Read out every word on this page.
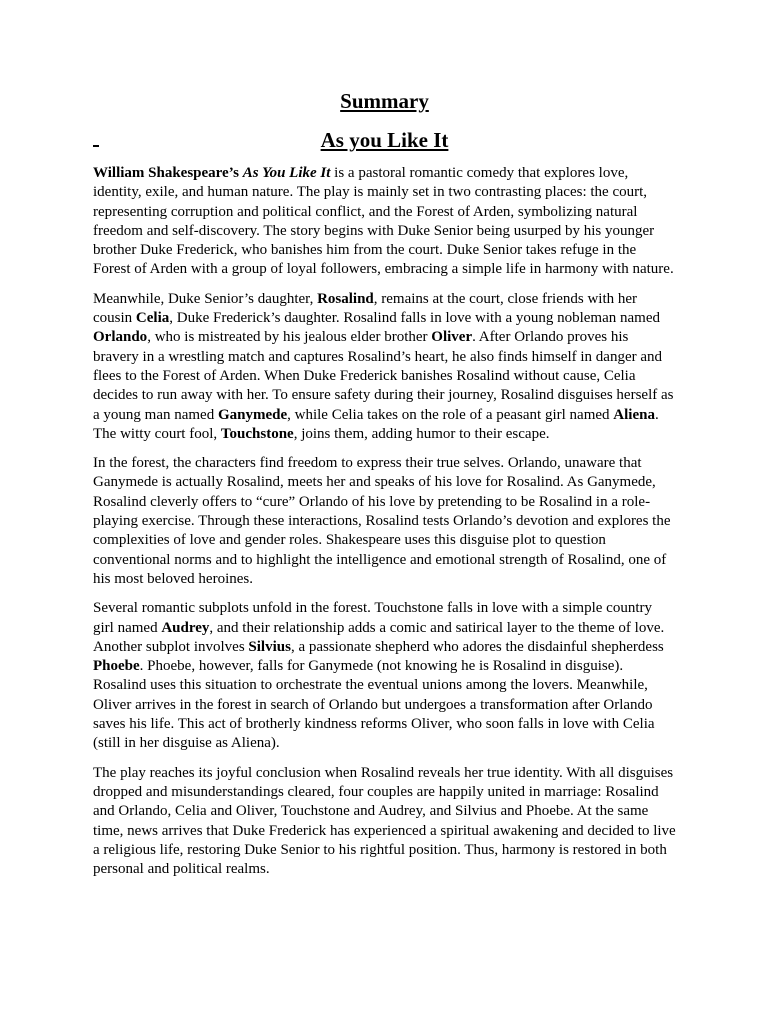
Summary
As you Like It

William Shakespeare’s As You Like It is a pastoral romantic comedy that explores love, identity, exile, and human nature. The play is mainly set in two contrasting places: the court, representing corruption and political conflict, and the Forest of Arden, symbolizing natural freedom and self-discovery. The story begins with Duke Senior being usurped by his younger brother Duke Frederick, who banishes him from the court. Duke Senior takes refuge in the Forest of Arden with a group of loyal followers, embracing a simple life in harmony with nature.

Meanwhile, Duke Senior’s daughter, Rosalind, remains at the court, close friends with her cousin Celia, Duke Frederick’s daughter. Rosalind falls in love with a young nobleman named Orlando, who is mistreated by his jealous elder brother Oliver. After Orlando proves his bravery in a wrestling match and captures Rosalind’s heart, he also finds himself in danger and flees to the Forest of Arden. When Duke Frederick banishes Rosalind without cause, Celia decides to run away with her. To ensure safety during their journey, Rosalind disguises herself as a young man named Ganymede, while Celia takes on the role of a peasant girl named Aliena. The witty court fool, Touchstone, joins them, adding humor to their escape.

In the forest, the characters find freedom to express their true selves. Orlando, unaware that Ganymede is actually Rosalind, meets her and speaks of his love for Rosalind. As Ganymede, Rosalind cleverly offers to “cure” Orlando of his love by pretending to be Rosalind in a role-playing exercise. Through these interactions, Rosalind tests Orlando’s devotion and explores the complexities of love and gender roles. Shakespeare uses this disguise plot to question conventional norms and to highlight the intelligence and emotional strength of Rosalind, one of his most beloved heroines.

Several romantic subplots unfold in the forest. Touchstone falls in love with a simple country girl named Audrey, and their relationship adds a comic and satirical layer to the theme of love. Another subplot involves Silvius, a passionate shepherd who adores the disdainful shepherdess Phoebe. Phoebe, however, falls for Ganymede (not knowing he is Rosalind in disguise). Rosalind uses this situation to orchestrate the eventual unions among the lovers. Meanwhile, Oliver arrives in the forest in search of Orlando but undergoes a transformation after Orlando saves his life. This act of brotherly kindness reforms Oliver, who soon falls in love with Celia (still in her disguise as Aliena).

The play reaches its joyful conclusion when Rosalind reveals her true identity. With all disguises dropped and misunderstandings cleared, four couples are happily united in marriage: Rosalind and Orlando, Celia and Oliver, Touchstone and Audrey, and Silvius and Phoebe. At the same time, news arrives that Duke Frederick has experienced a spiritual awakening and decided to live a religious life, restoring Duke Senior to his rightful position. Thus, harmony is restored in both personal and political realms.
